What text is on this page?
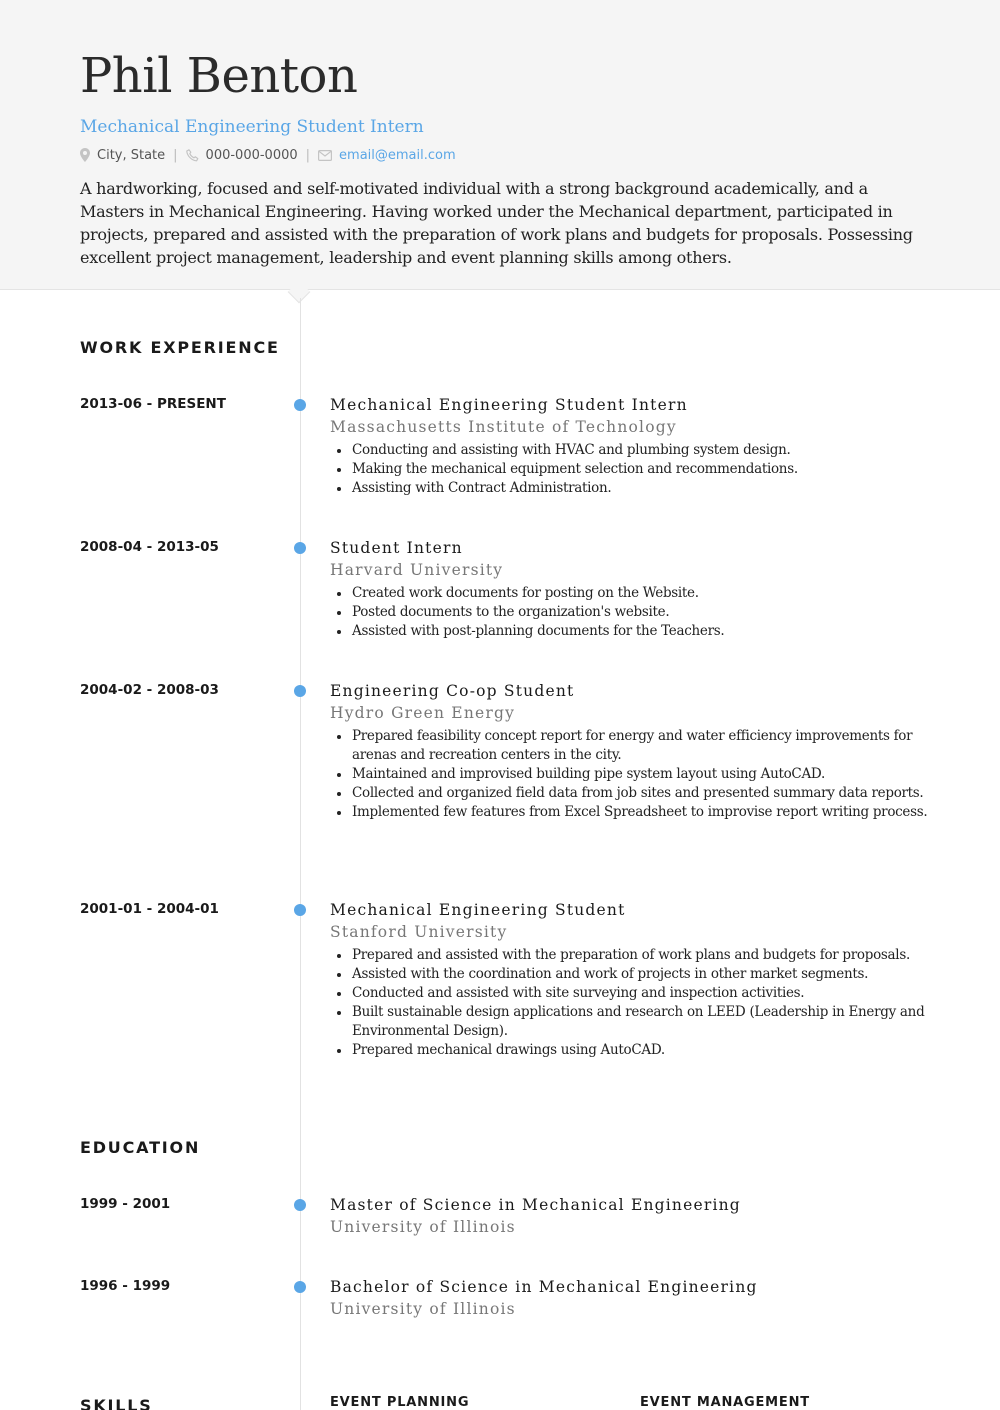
Phil Benton
Mechanical Engineering Student Intern
City, State | 000-000-0000 | email@email.com

A hardworking, focused and self-motivated individual with a strong background academically, and a Masters in Mechanical Engineering. Having worked under the Mechanical department, participated in projects, prepared and assisted with the preparation of work plans and budgets for proposals. Possessing excellent project management, leadership and event planning skills among others.

WORK EXPERIENCE
2013-06 - PRESENT	Mechanical Engineering Student Intern
Massachusetts Institute of Technology
Conducting and assisting with HVAC and plumbing system design.
Making the mechanical equipment selection and recommendations.
Assisting with Contract Administration.
2008-04 - 2013-05	Student Intern
Harvard University
Created work documents for posting on the Website.
Posted documents to the organization's website.
Assisted with post-planning documents for the Teachers.
2004-02 - 2008-03	Engineering Co-op Student
Hydro Green Energy
Prepared feasibility concept report for energy and water efficiency improvements for arenas and recreation centers in the city.
Maintained and improvised building pipe system layout using AutoCAD.
Collected and organized field data from job sites and presented summary data reports.
Implemented few features from Excel Spreadsheet to improvise report writing process.
2001-01 - 2004-01	Mechanical Engineering Student
Stanford University
Prepared and assisted with the preparation of work plans and budgets for proposals.
Assisted with the coordination and work of projects in other market segments.
Conducted and assisted with site surveying and inspection activities.
Built sustainable design applications and research on LEED (Leadership in Energy and Environmental Design).
Prepared mechanical drawings using AutoCAD.
EDUCATION
1999 - 2001	Master of Science in Mechanical Engineering
University of Illinois
1996 - 1999	Bachelor of Science in Mechanical Engineering
University of Illinois
SKILLS	EVENT PLANNING	EVENT MANAGEMENT
